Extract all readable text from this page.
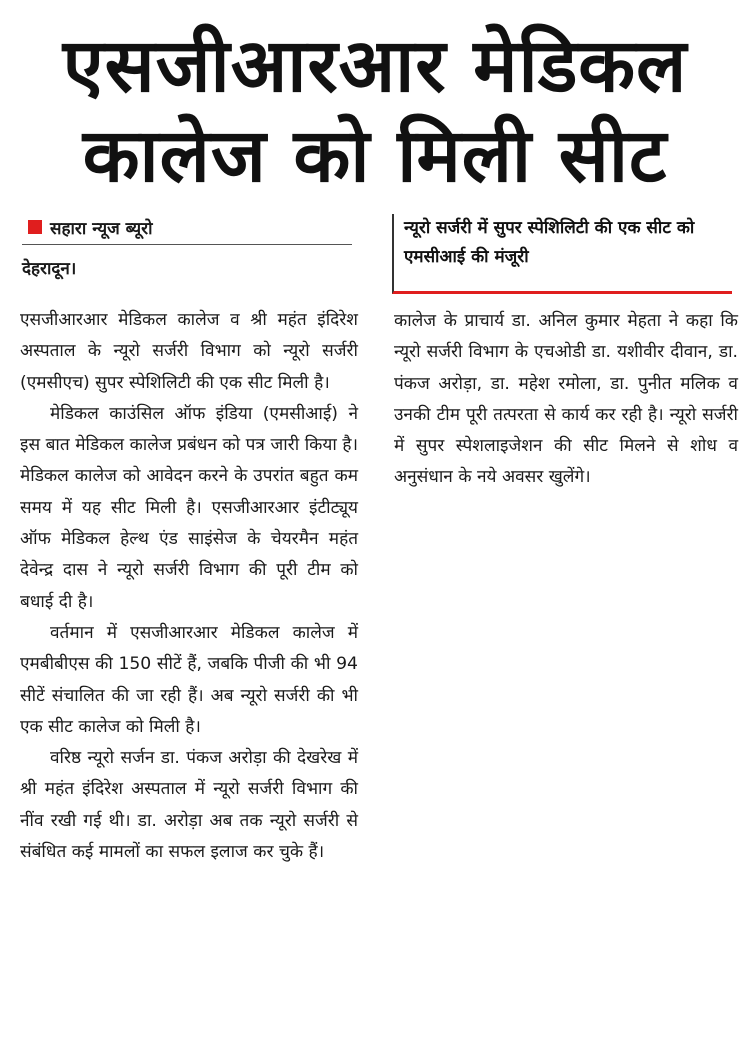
एसजीआरआर मेडिकल
कालेज को मिली सीट
सहारा न्यूज ब्यूरो
देहरादून।
न्यूरो सर्जरी में सुपर स्पेशिलिटी की एक सीट को एमसीआई की मंजूरी

एसजीआरआर मेडिकल कालेज व श्री महंत इंदिरेश अस्पताल के न्यूरो सर्जरी विभाग को न्यूरो सर्जरी (एमसीएच) सुपर स्पेशिलिटी की एक सीट मिली है।

मेडिकल काउंसिल ऑफ इंडिया (एमसीआई) ने इस बात मेडिकल कालेज प्रबंधन को पत्र जारी किया है। मेडिकल कालेज को आवेदन करने के उपरांत बहुत कम समय में यह सीट मिली है। एसजीआरआर इंटीट्यूय ऑफ मेडिकल हेल्थ एंड साइंसेज के चेयरमैन महंत देवेन्द्र दास ने न्यूरो सर्जरी विभाग की पूरी टीम को बधाई दी है।

वर्तमान में एसजीआरआर मेडिकल कालेज में एमबीबीएस की 150 सीटें हैं, जबकि पीजी की भी 94 सीटें संचालित की जा रही हैं। अब न्यूरो सर्जरी की भी एक सीट कालेज को मिली है।

वरिष्ठ न्यूरो सर्जन डा. पंकज अरोड़ा की देखरेख में श्री महंत इंदिरेश अस्पताल में न्यूरो सर्जरी विभाग की नींव रखी गई थी। डा. अरोड़ा अब तक न्यूरो सर्जरी से संबंधित कई मामलों का सफल इलाज कर चुके हैं।

कालेज के प्राचार्य डा. अनिल कुमार मेहता ने कहा कि न्यूरो सर्जरी विभाग के एचओडी डा. यशीवीर दीवान, डा. पंकज अरोड़ा, डा. महेश रमोला, डा. पुनीत मलिक व उनकी टीम पूरी तत्परता से कार्य कर रही है। न्यूरो सर्जरी में सुपर स्पेशलाइजेशन की सीट मिलने से शोध व अनुसंधान के नये अवसर खुलेंगे।
